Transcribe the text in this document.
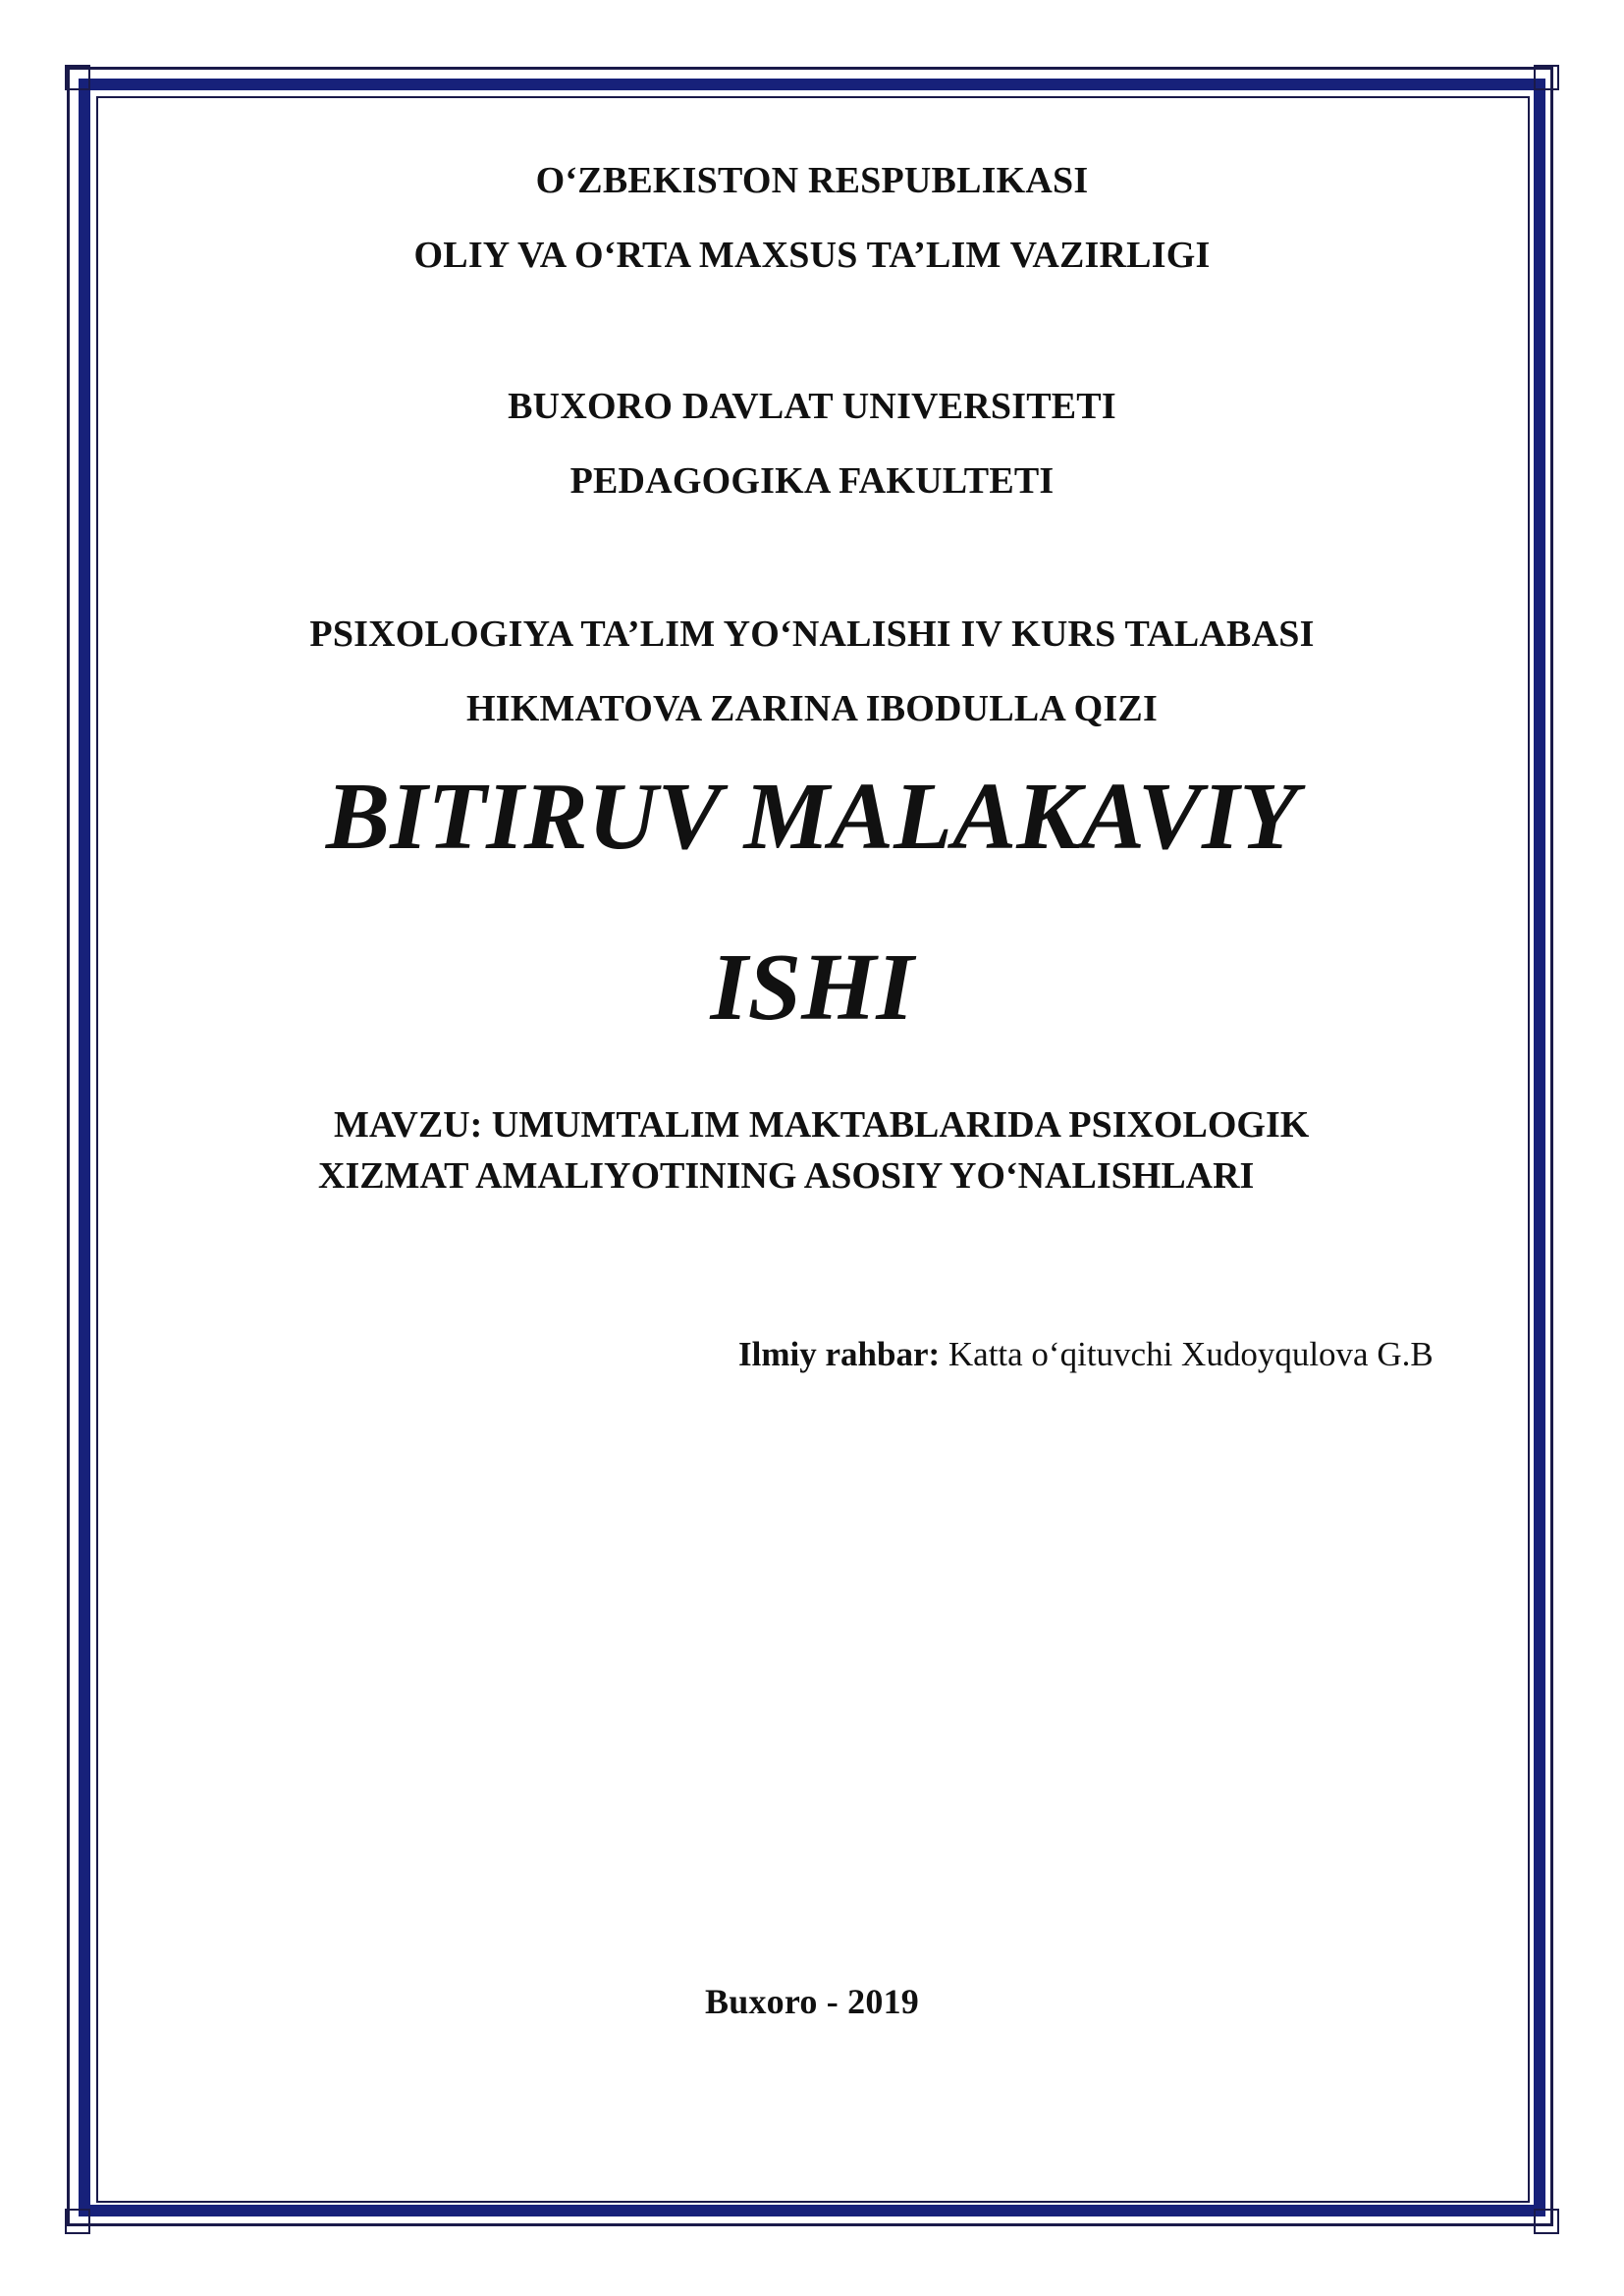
O‘ZBEKISTON RESPUBLIKASI
OLIY VA O‘RTA MAXSUS TA’LIM VAZIRLIGI
BUXORO DAVLAT UNIVERSITETI
PEDAGOGIKA FAKULTETI
PSIXOLOGIYA TA’LIM YO‘NALISHI IV KURS TALABASI
HIKMATOVA ZARINA IBODULLA QIZI
BITIRUV MALAKAVIY
ISHI
MAVZU: UMUMTALIM MAKTABLARIDA PSIXOLOGIK
XIZMAT AMALIYOTINING ASOSIY YO‘NALISHLARI
Ilmiy rahbar: Katta o‘qituvchi Xudoyqulova G.B
Buxoro - 2019
